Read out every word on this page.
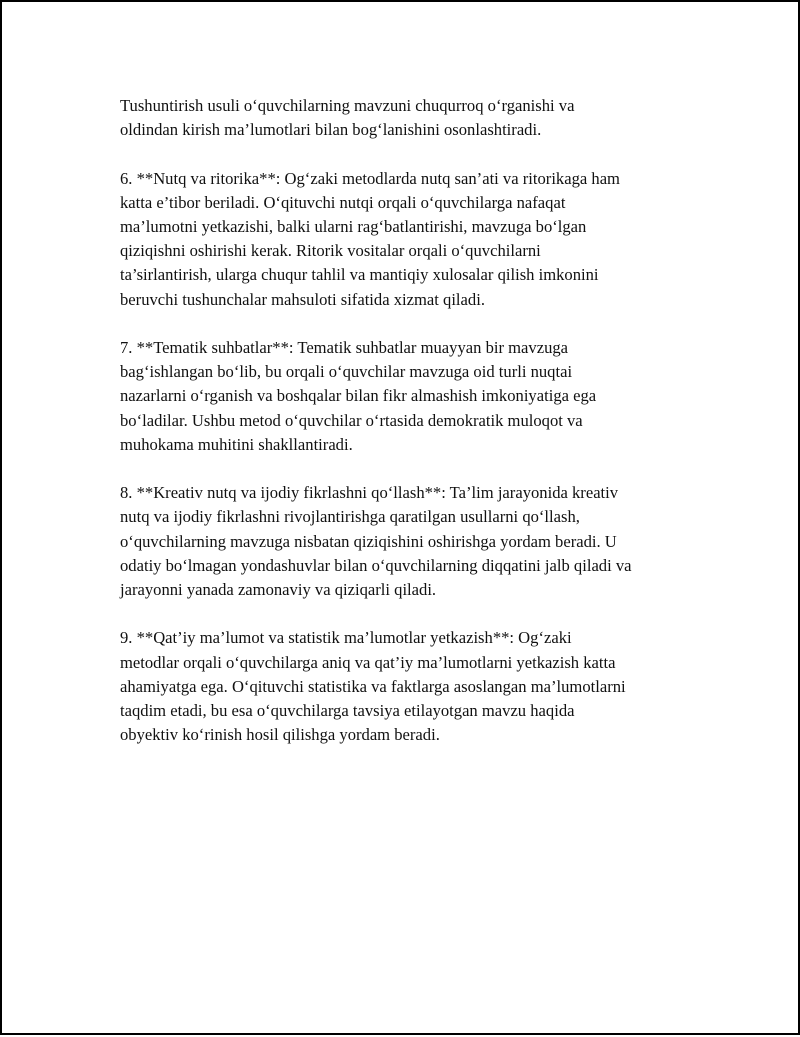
Tushuntirish usuli o‘quvchilarning mavzuni chuqurroq o‘rganishi va
oldindan kirish ma’lumotlari bilan bog‘lanishini osonlashtiradi.

6. **Nutq va ritorika**: Og‘zaki metodlarda nutq san’ati va ritorikaga ham
katta e’tibor beriladi. O‘qituvchi nutqi orqali o‘quvchilarga nafaqat
ma’lumotni yetkazishi, balki ularni rag‘batlantirishi, mavzuga bo‘lgan
qiziqishni oshirishi kerak. Ritorik vositalar orqali o‘quvchilarni
ta’sirlantirish, ularga chuqur tahlil va mantiqiy xulosalar qilish imkonini
beruvchi tushunchalar mahsuloti sifatida xizmat qiladi.

7. **Tematik suhbatlar**: Tematik suhbatlar muayyan bir mavzuga
bag‘ishlangan bo‘lib, bu orqali o‘quvchilar mavzuga oid turli nuqtai
nazarlarni o‘rganish va boshqalar bilan fikr almashish imkoniyatiga ega
bo‘ladilar. Ushbu metod o‘quvchilar o‘rtasida demokratik muloqot va
muhokama muhitini shakllantiradi.

8. **Kreativ nutq va ijodiy fikrlashni qo‘llash**: Ta’lim jarayonida kreativ
nutq va ijodiy fikrlashni rivojlantirishga qaratilgan usullarni qo‘llash,
o‘quvchilarning mavzuga nisbatan qiziqishini oshirishga yordam beradi. U
odatiy bo‘lmagan yondashuvlar bilan o‘quvchilarning diqqatini jalb qiladi va
jarayonni yanada zamonaviy va qiziqarli qiladi.

9. **Qat’iy ma’lumot va statistik ma’lumotlar yetkazish**: Og‘zaki
metodlar orqali o‘quvchilarga aniq va qat’iy ma’lumotlarni yetkazish katta
ahamiyatga ega. O‘qituvchi statistika va faktlarga asoslangan ma’lumotlarni
taqdim etadi, bu esa o‘quvchilarga tavsiya etilayotgan mavzu haqida
obyektiv ko‘rinish hosil qilishga yordam beradi.
